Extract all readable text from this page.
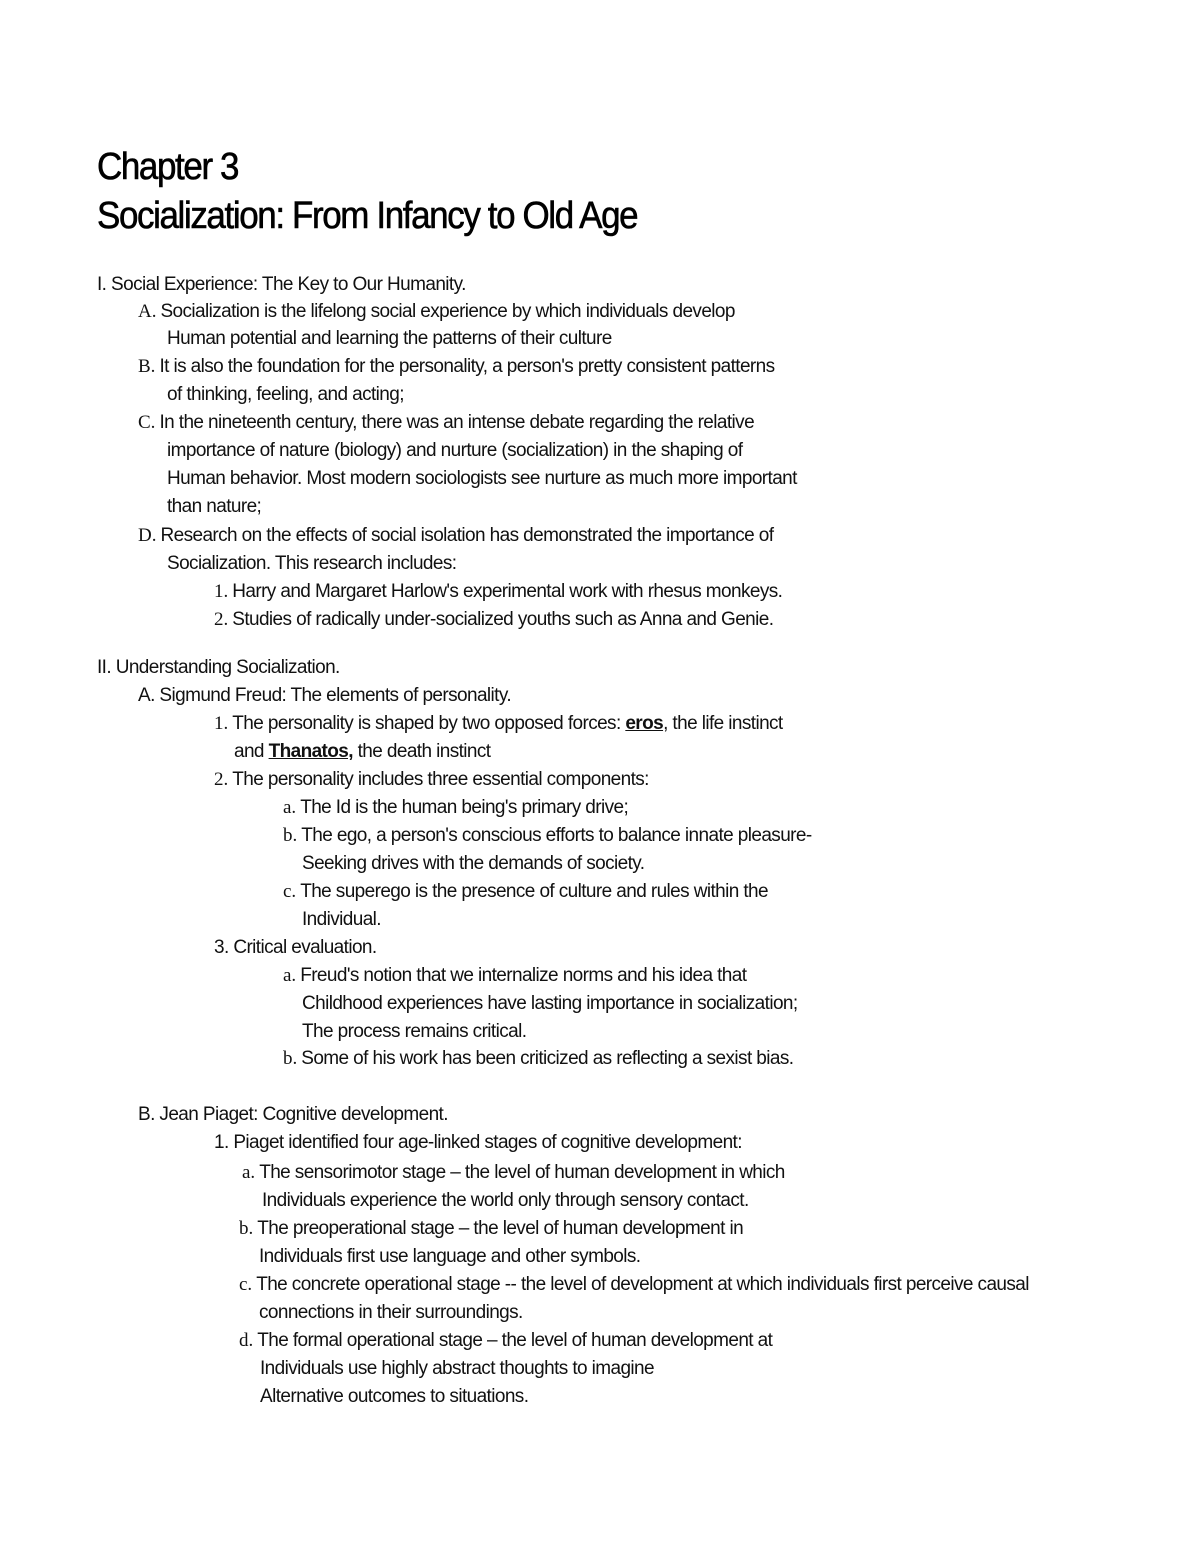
Chapter 3
Socialization: From Infancy to Old Age
I. Social Experience: The Key to Our Humanity.
A. Socialization is the lifelong social experience by which individuals develop
Human potential and learning the patterns of their culture
B. It is also the foundation for the personality, a person's pretty consistent patterns
of thinking, feeling, and acting;
C. In the nineteenth century, there was an intense debate regarding the relative
importance of nature (biology) and nurture (socialization) in the shaping of
Human behavior. Most modern sociologists see nurture as much more important
than nature;
D. Research on the effects of social isolation has demonstrated the importance of
Socialization. This research includes:
1. Harry and Margaret Harlow's experimental work with rhesus monkeys.
2. Studies of radically under-socialized youths such as Anna and Genie.
II. Understanding Socialization.
A. Sigmund Freud: The elements of personality.
1. The personality is shaped by two opposed forces: eros, the life instinct
and Thanatos, the death instinct
2. The personality includes three essential components:
a. The Id is the human being's primary drive;
b. The ego, a person's conscious efforts to balance innate pleasure-
Seeking drives with the demands of society.
c. The superego is the presence of culture and rules within the
Individual.
3. Critical evaluation.
a. Freud's notion that we internalize norms and his idea that
Childhood experiences have lasting importance in socialization;
The process remains critical.
b. Some of his work has been criticized as reflecting a sexist bias.
B. Jean Piaget: Cognitive development.
1. Piaget identified four age-linked stages of cognitive development:
a. The sensorimotor stage – the level of human development in which
Individuals experience the world only through sensory contact.
b. The preoperational stage – the level of human development in
Individuals first use language and other symbols.
c. The concrete operational stage -- the level of development at which individuals first perceive causal
connections in their surroundings.
d. The formal operational stage – the level of human development at
Individuals use highly abstract thoughts to imagine
Alternative outcomes to situations.
